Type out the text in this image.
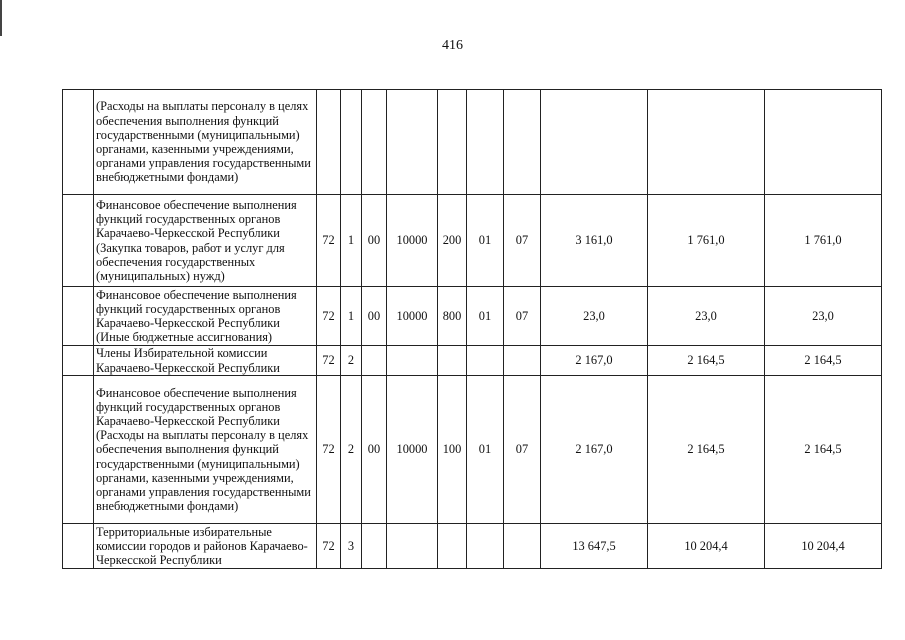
416

	(Расходы на выплаты персоналу в целях обеспечения выполнения функций государственными (муниципальными) органами, казенными учреждениями, органами управления государственными внебюджетными фондами)										

	Финансовое обеспечение выполнения функций государственных органов Карачаево-Черкесской Республики (Закупка товаров, работ и услуг для обеспечения государственных (муниципальных) нужд)	72	1	00	10000	200	01	07	3 161,0	1 761,0	1 761,0

	Финансовое обеспечение выполнения функций государственных органов Карачаево-Черкесской Республики (Иные бюджетные ассигнования)	72	1	00	10000	800	01	07	23,0	23,0	23,0

	Члены Избирательной комиссии Карачаево-Черкесской Республики	72	2						2 167,0	2 164,5	2 164,5

	Финансовое обеспечение выполнения функций государственных органов Карачаево-Черкесской Республики (Расходы на выплаты персоналу в целях обеспечения выполнения функций государственными (муниципальными) органами, казенными учреждениями, органами управления государственными внебюджетными фондами)	72	2	00	10000	100	01	07	2 167,0	2 164,5	2 164,5

	Территориальные избирательные комиссии городов и районов Карачаево-Черкесской Республики	72	3						13 647,5	10 204,4	10 204,4
